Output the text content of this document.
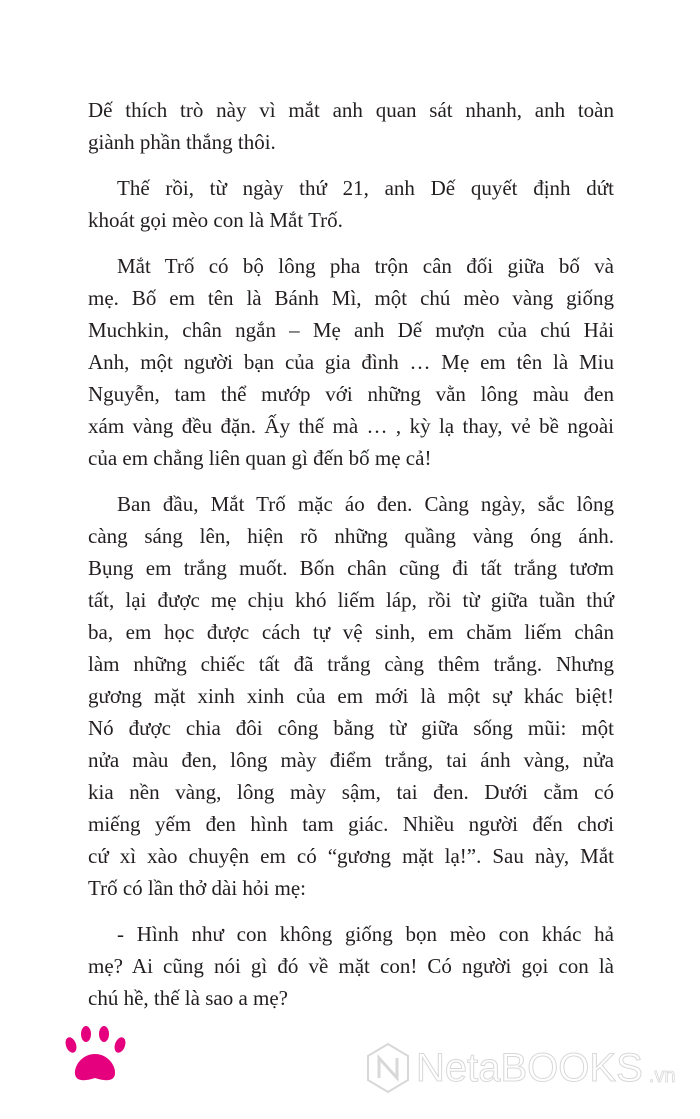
Dế thích trò này vì mắt anh quan sát nhanh, anh toàn
giành phần thắng thôi.
Thế rồi, từ ngày thứ 21, anh Dế quyết định dứt
khoát gọi mèo con là Mắt Trố.
Mắt Trố có bộ lông pha trộn cân đối giữa bố và
mẹ. Bố em tên là Bánh Mì, một chú mèo vàng giống
Muchkin, chân ngắn – Mẹ anh Dế mượn của chú Hải
Anh, một người bạn của gia đình … Mẹ em tên là Miu
Nguyễn, tam thể mướp với những vằn lông màu đen
xám vàng đều đặn. Ấy thế mà … , kỳ lạ thay, vẻ bề ngoài
của em chẳng liên quan gì đến bố mẹ cả!
Ban đầu, Mắt Trố mặc áo đen. Càng ngày, sắc lông
càng sáng lên, hiện rõ những quầng vàng óng ánh.
Bụng em trắng muốt. Bốn chân cũng đi tất trắng tươm
tất, lại được mẹ chịu khó liếm láp, rồi từ giữa tuần thứ
ba, em học được cách tự vệ sinh, em chăm liếm chân
làm những chiếc tất đã trắng càng thêm trắng. Nhưng
gương mặt xinh xinh của em mới là một sự khác biệt!
Nó được chia đôi công bằng từ giữa sống mũi: một
nửa màu đen, lông mày điểm trắng, tai ánh vàng, nửa
kia nền vàng, lông mày sậm, tai đen. Dưới cằm có
miếng yếm đen hình tam giác. Nhiều người đến chơi
cứ xì xào chuyện em có “gương mặt lạ!”. Sau này, Mắt
Trố có lần thở dài hỏi mẹ:
- Hình như con không giống bọn mèo con khác hả
mẹ? Ai cũng nói gì đó về mặt con! Có người gọi con là
chú hề, thế là sao a mẹ?
NetaBOOKS .vn
